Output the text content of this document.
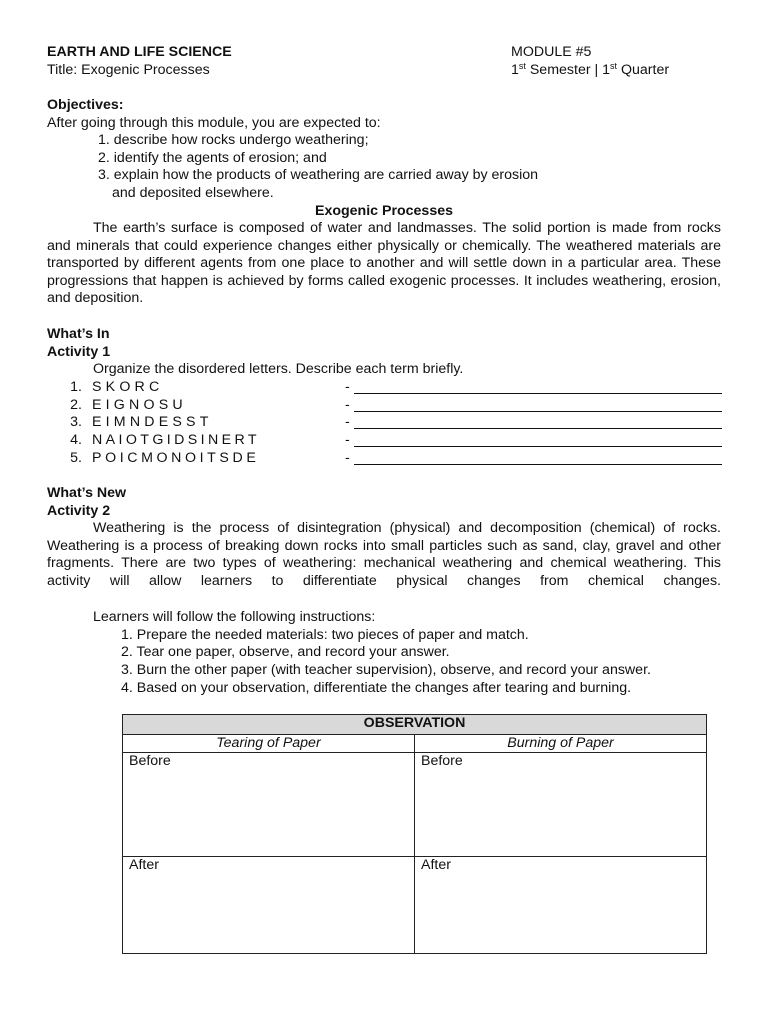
EARTH AND LIFE SCIENCE	MODULE #5
Title: Exogenic Processes	1st Semester | 1st Quarter
Objectives:
After going through this module, you are expected to:
1. describe how rocks undergo weathering;
2. identify the agents of erosion; and
3. explain how the products of weathering are carried away by erosion
and deposited elsewhere.
Exogenic Processes
The earth’s surface is composed of water and landmasses. The solid portion is made from rocks and minerals that could experience changes either physically or chemically. The weathered materials are transported by different agents from one place to another and will settle down in a particular area. These progressions that happen is achieved by forms called exogenic processes. It includes weathering, erosion, and deposition.
What’s In
Activity 1
Organize the disordered letters. Describe each term briefly.
1. SKORC	-
2. EIGNOSU	-
3. EIMNDESST	-
4. NAIOTGIDSINERT	-
5. POICMONOITSDE	-
What’s New
Activity 2
Weathering is the process of disintegration (physical) and decomposition (chemical) of rocks. Weathering is a process of breaking down rocks into small particles such as sand, clay, gravel and other fragments. There are two types of weathering: mechanical weathering and chemical weathering. This activity will allow learners to differentiate physical changes from chemical changes.
Learners will follow the following instructions:
1. Prepare the needed materials: two pieces of paper and match.
2. Tear one paper, observe, and record your answer.
3. Burn the other paper (with teacher supervision), observe, and record your answer.
4. Based on your observation, differentiate the changes after tearing and burning.
OBSERVATION	
Tearing of Paper	Burning of Paper
Before	Before
After	After
